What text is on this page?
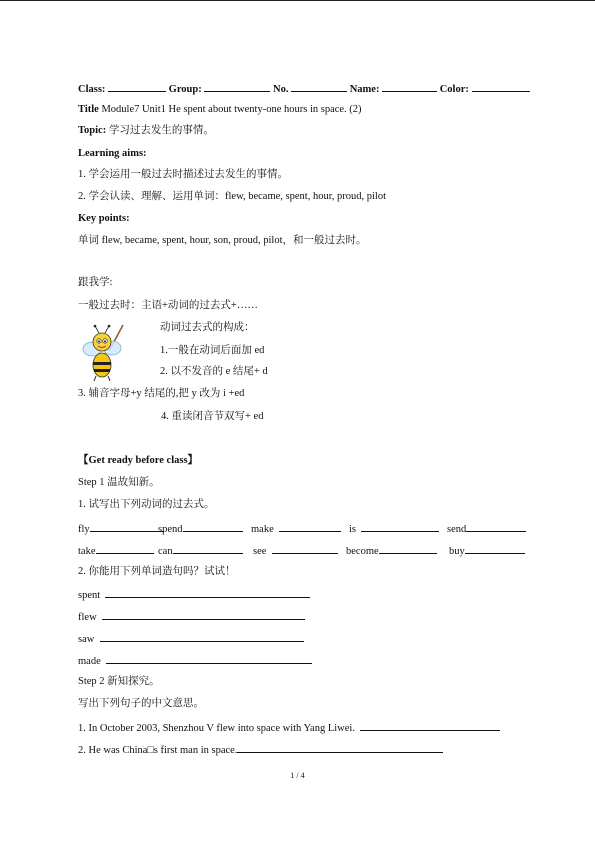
Class:	Group:	No.	Name:	Color:
Title Module7 Unit1 He spent about twenty-one hours in space. (2)
Topic: 学习过去发生的事情。
Learning aims:
1. 学会运用一般过去时描述过去发生的事情。
2. 学会认读、理解、运用单词：flew, became, spent, hour, proud, pilot
Key points:
单词 flew, became, spent, hour, son, proud, pilot，和一般过去时。
跟我学:
一般过去时：主语+动词的过去式+……
动词过去式的构成：
1.一般在动词后面加 ed
2. 以不发音的 e 结尾+ d
3. 辅音字母+y 结尾的,把 y 改为 i +ed
4. 重读闭音节双写+ ed
【Get ready before class】
Step 1 温故知新。
1. 试写出下列动词的过去式。
fly	spend	make	is	send
take	can	see	become	buy
2. 你能用下列单词造句吗？试试！
spent
flew
saw
made
Step 2 新知探究。
写出下列句子的中文意思。
1. In October 2003, Shenzhou V flew into space with Yang Liwei.
2. He was China□s first man in space.
1 / 4
